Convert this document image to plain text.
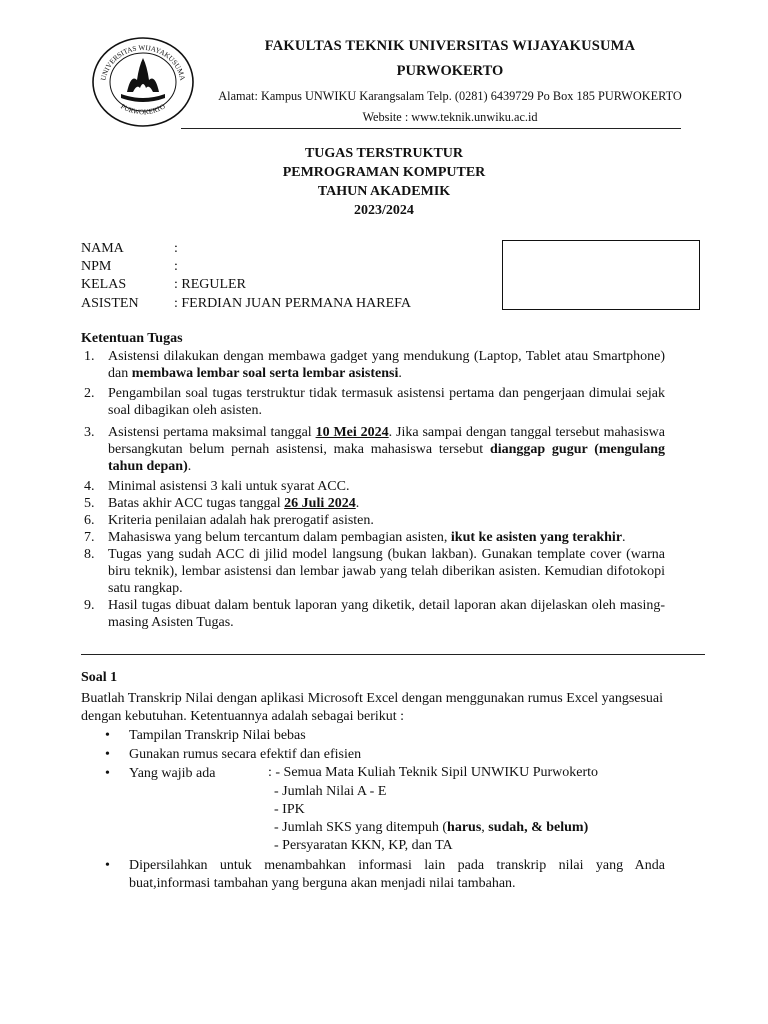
UNIVERSITAS WIJAYAKUSUMA
PURWOKERTO
FAKULTAS TEKNIK UNIVERSITAS WIJAYAKUSUMA
PURWOKERTO
Alamat: Kampus UNWIKU Karangsalam Telp. (0281) 6439729 Po Box 185 PURWOKERTO
Website : www.teknik.unwiku.ac.id
TUGAS TERSTRUKTUR
PEMROGRAMAN KOMPUTER
TAHUN AKADEMIK
2023/2024
NAMA	:
NPM	:
KELAS	: REGULER
ASISTEN	: FERDIAN JUAN PERMANA HAREFA
Ketentuan Tugas
1. Asistensi dilakukan dengan membawa gadget yang mendukung (Laptop, Tablet atau Smartphone) dan membawa lembar soal serta lembar asistensi.
2. Pengambilan soal tugas terstruktur tidak termasuk asistensi pertama dan pengerjaan dimulai sejak soal dibagikan oleh asisten.
3. Asistensi pertama maksimal tanggal 10 Mei 2024. Jika sampai dengan tanggal tersebut mahasiswa bersangkutan belum pernah asistensi, maka mahasiswa tersebut dianggap gugur (mengulang tahun depan).
4. Minimal asistensi 3 kali untuk syarat ACC.
5. Batas akhir ACC tugas tanggal 26 Juli 2024.
6. Kriteria penilaian adalah hak prerogatif asisten.
7. Mahasiswa yang belum tercantum dalam pembagian asisten, ikut ke asisten yang terakhir.
8. Tugas yang sudah ACC di jilid model langsung (bukan lakban). Gunakan template cover (warna biru teknik), lembar asistensi dan lembar jawab yang telah diberikan asisten. Kemudian difotokopi satu rangkap.
9. Hasil tugas dibuat dalam bentuk laporan yang diketik, detail laporan akan dijelaskan oleh masing-masing Asisten Tugas.
Soal 1
Buatlah Transkrip Nilai dengan aplikasi Microsoft Excel dengan menggunakan rumus Excel yangsesuai dengan kebutuhan. Ketentuannya adalah sebagai berikut :
• Tampilan Transkrip Nilai bebas
• Gunakan rumus secara efektif dan efisien
• Yang wajib ada	: - Semua Mata Kuliah Teknik Sipil UNWIKU Purwokerto
- Jumlah Nilai A - E
- IPK
- Jumlah SKS yang ditempuh (harus, sudah, & belum)
- Persyaratan KKN, KP, dan TA
• Dipersilahkan untuk menambahkan informasi lain pada transkrip nilai yang Anda buat,informasi tambahan yang berguna akan menjadi nilai tambahan.
